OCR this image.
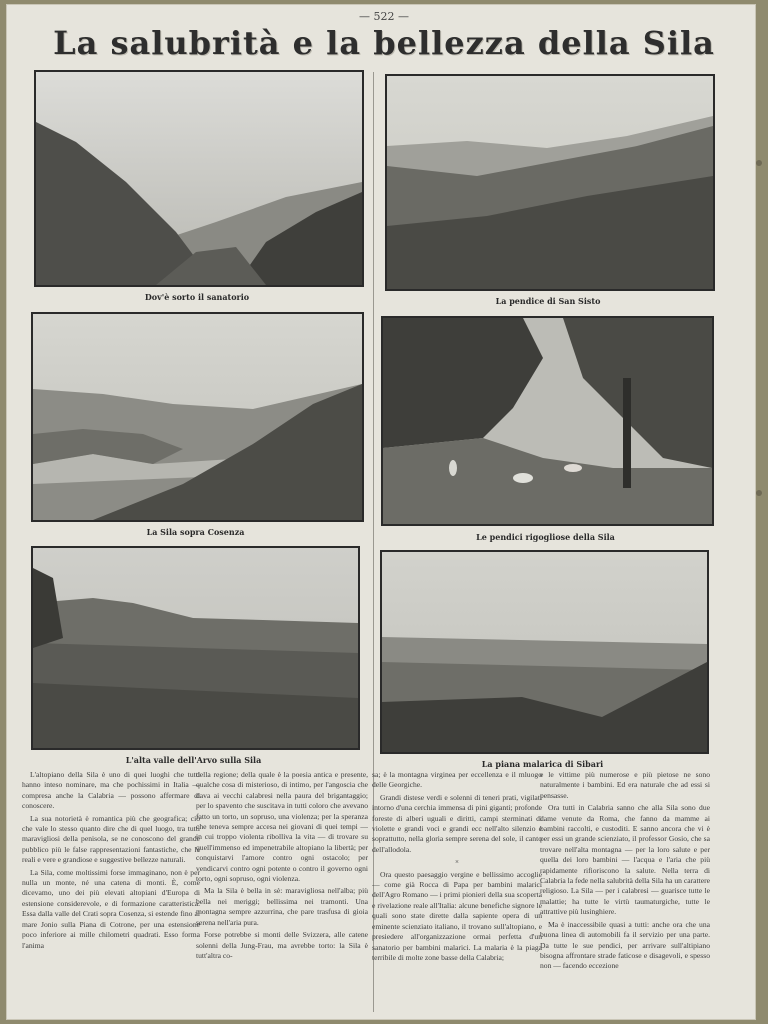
— 522 —
La salubrità e la bellezza della Sila
Dov'è sorto il sanatorio	La pendice di San Sisto
La Sila sopra Cosenza	Le pendici rigogliose della Sila
L'alta valle dell'Arvo sulla Sila	La piana malarica di Sibari

L'altopiano della Sila è uno di quei luoghi che tutti hanno inteso nominare, ma che pochissimi in Italia — compresa anche la Calabria — possono affermare di conoscere.

La sua notorietà è romantica più che geografica; ciò che vale lo stesso quanto dire che di quel luogo, tra tutti maravigliosi della penisola, se ne conoscono del grande pubblico più le false rappresentazioni fantastiche, che le reali e vere e grandiose e suggestive bellezze naturali.

La Sila, come moltissimi forse immaginano, non è per nulla un monte, né una catena di monti. È, come dicevamo, uno dei più elevati altopiani d'Europa di estensione considerevole, e di formazione caratteristica. Essa dalla valle del Crati sopra Cosenza, si estende fino al mare Jonio sulla Piana di Cotrone, per una estensione poco inferiore ai mille chilometri quadrati. Esso forma l'anima

della regione; della quale è la poesia antica e presente, qualche cosa di misterioso, di intimo, per l'angoscia che dava ai vecchi calabresi nella paura del brigantaggio; per lo spavento che suscitava in tutti coloro che avevano fatto un torto, un sopruso, una violenza; per la speranza che teneva sempre accesa nei giovani di quei tempi — in cui troppo violenta ribolliva la vita — di trovare su quell'immenso ed impenetrabile altopiano la libertà; per conquistarvi l'amore contro ogni ostacolo; per vendicarvi contro ogni potente o contro il governo ogni torto, ogni sopruso, ogni violenza.

Ma la Sila è bella in sè: maravigliosa nell'alba; più bella nei meriggi; bellissima nei tramonti. Una montagna sempre azzurrina, che pare trasfusa di gioia serena nell'aria pura.

Forse potrebbe si monti delle Svizzera, alle catene solenni della Jung-Frau, ma avrebbe torto: la Sila è tutt'altra co-

sa; è la montagna virginea per eccellenza e il mluogo delle Georgiche.

Grandi distese verdi e solenni di teneri prati, vigilati intorno d'una cerchia immensa di pini giganti; profonde foreste di alberi uguali e diritti, campi sterminati di violette e grandi voci e grandi ecc nell'alto silenzio e soprattutto, nella gloria sempre serena del sole, il canto dell'allodola.

×

Ora questo paesaggio vergine e bellissimo accoglie — come già Rocca di Papa per bambini malarici dell'Agro Romano — i primi pionieri della sua scoperta e rivelazione reale all'Italia: alcune benefiche signore le quali sono state dirette dalla sapiente opera di un eminente scienziato italiano, il trovano sull'altopiano, e presiedere all'organizzazione ormai perfetta d'un sanatorio per bambini malarici. La malaria è la piaga terribile di molte zone basse della Calabria;

e le vittime più numerose e più pietose ne sono naturalmente i bambini. Ed era naturale che ad essi si pensasse.

Ora tutti in Calabria sanno che alla Sila sono due dame venute da Roma, che fanno da mamme ai bambini raccolti, e custoditi. E sanno ancora che vi è per essi un grande scienziato, il professor Gosio, che sa trovare nell'alta montagna — per la loro salute e per quella dei loro bambini — l'acqua e l'aria che più rapidamente rifioriscono la salute. Nella terra di Calabria la fede nella salubrità della Sila ha un carattere religioso. La Sila — per i calabresi — guarisce tutte le malattie; ha tutte le virtù taumaturgiche, tutte le attrattive più lusinghiere.

Ma è inaccessibile quasi a tutti: anche ora che una buona linea di automobili fa il servizio per una parte. Da tutte le sue pendici, per arrivare sull'altipiano bisogna affrontare strade faticose e disagevoli, e spesso non — facendo eccezione
